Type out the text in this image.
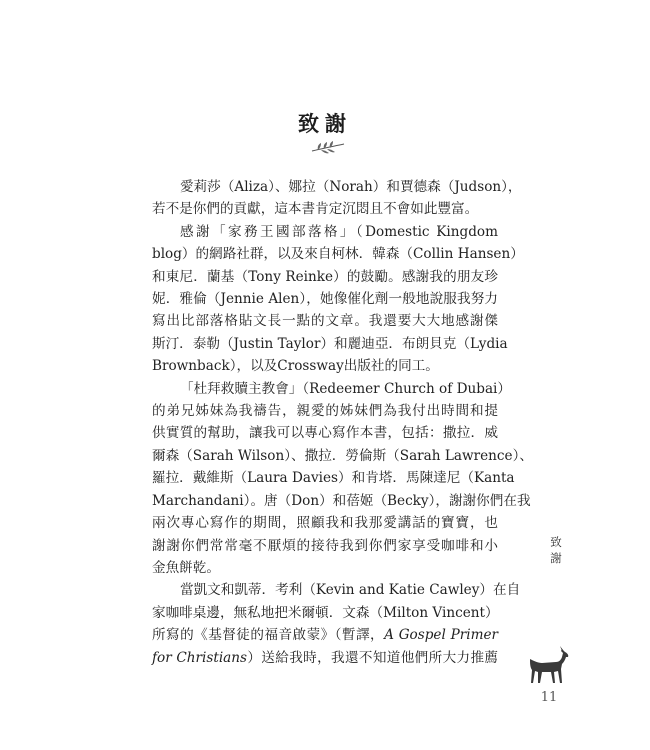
致謝

愛莉莎（Aliza）、娜拉（Norah）和賈德森（Judson），
若不是你們的貢獻，這本書肯定沉悶且不會如此豐富。

感謝「家務王國部落格」（Domestic Kingdom
blog）的網路社群，以及來自柯林．韓森（Collin Hansen）
和東尼．蘭基（Tony Reinke）的鼓勵。感謝我的朋友珍
妮．雅倫（Jennie Alen），她像催化劑一般地說服我努力
寫出比部落格貼文長一點的文章。我還要大大地感謝傑
斯汀．泰勒（Justin Taylor）和麗迪亞．布朗貝克（Lydia
Brownback），以及Crossway出版社的同工。

「杜拜救贖主教會」（Redeemer Church of Dubai）
的弟兄姊妹為我禱告，親愛的姊妹們為我付出時間和提
供實質的幫助，讓我可以專心寫作本書，包括：撒拉．威
爾森（Sarah Wilson）、撒拉．勞倫斯（Sarah Lawrence）、
羅拉．戴維斯（Laura Davies）和肯塔．馬陳達尼（Kanta
Marchandani）。唐（Don）和蓓姬（Becky），謝謝你們在我
兩次專心寫作的期間，照顧我和我那愛講話的寶寶，也
謝謝你們常常毫不厭煩的接待我到你們家享受咖啡和小
金魚餅乾。

當凱文和凱蒂．考利（Kevin and Katie Cawley）在自
家咖啡桌邊，無私地把米爾頓．文森（Milton Vincent）
所寫的《基督徒的福音啟蒙》（暫譯，A Gospel Primer
for Christians）送給我時，我還不知道他們所大力推薦

致
謝
11
